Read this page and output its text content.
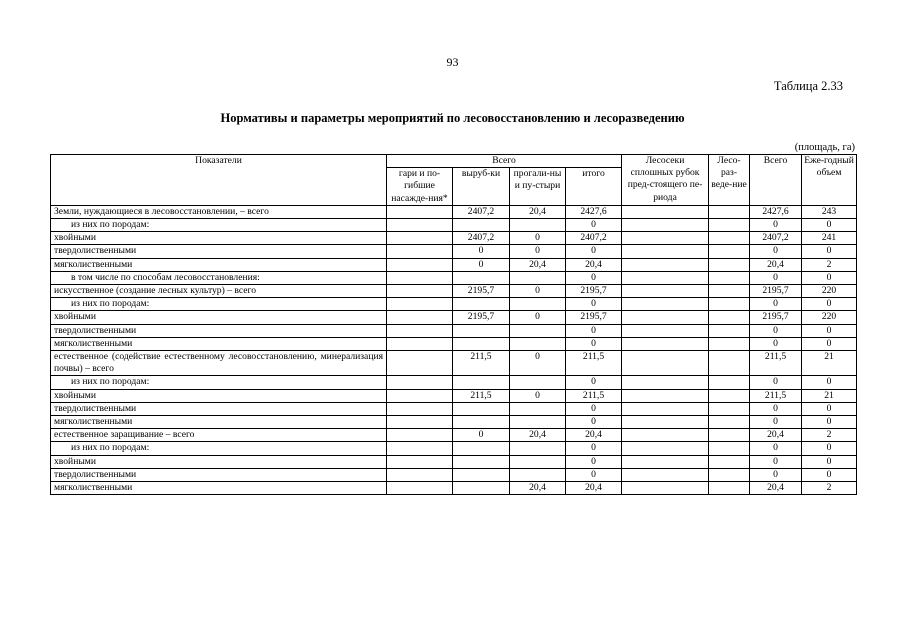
93
Таблица 2.33
Нормативы и параметры мероприятий по лесовосстановлению и лесоразведению
(площадь, га)
Показатели	Всего				Лесосеки сплошных рубок пред-стоящего пе-риода	Лесо-раз-веде-ние	Всего	Еже-годный объем
	гари и по-гибшие насажде-ния*	выруб-ки	прогали-ны и пу-стыри	итого				
Земли, нуждающиеся в лесовосстановлении, – всего		2407,2	20,4	2427,6			2427,6	243
из них по породам:				0			0	0
хвойными		2407,2	0	2407,2			2407,2	241
твердолиственными		0	0	0			0	0
мягколиственными		0	20,4	20,4			20,4	2
в том числе по способам лесовосстановления:				0			0	0
искусственное (создание лесных культур) – всего		2195,7	0	2195,7			2195,7	220
из них по породам:				0			0	0
хвойными		2195,7	0	2195,7			2195,7	220
твердолиственными				0			0	0
мягколиственными				0			0	0
естественное (содействие естественному лесовосстановлению, минерализация почвы) – всего		211,5	0	211,5			211,5	21
из них по породам:				0			0	0
хвойными		211,5	0	211,5			211,5	21
твердолиственными				0			0	0
мягколиственными				0			0	0
естественное заращивание – всего		0	20,4	20,4			20,4	2
из них по породам:				0			0	0
хвойными				0			0	0
твердолиственными				0			0	0
мягколиственными			20,4	20,4			20,4	2
